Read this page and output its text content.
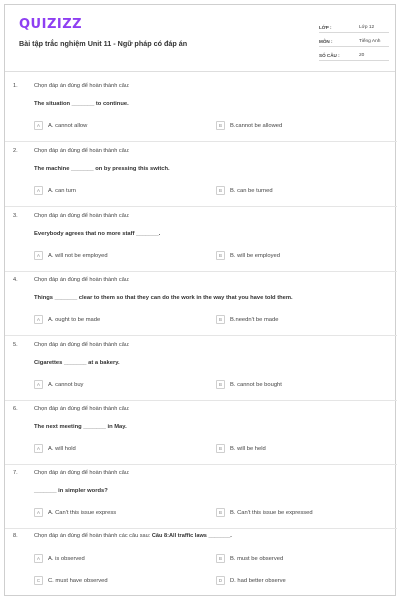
QUIZIZZ
Bài tập trắc nghiệm Unit 11 - Ngữ pháp có đáp án
LỚP :	Lớp 12
MÔN :	Tiếng Anh
SỐ CÂU :	20
1.	Chọn đáp án đúng để hoàn thành câu:
The situation _______ to continue.
A	A. cannot allow	B	B.cannot be allowed
2.	Chọn đáp án đúng để hoàn thành câu:
The machine _______ on by pressing this switch.
A	A. can turn	B	B. can be turned
3.	Chọn đáp án đúng để hoàn thành câu:
Everybody agrees that no more staff _______.
A	A. will not be employed	B	B. will be employed
4.	Chọn đáp án đúng để hoàn thành câu:
Things _______ clear to them so that they can do the work in the way that you have told them.
A	A. ought to be made	B	B.needn't be made
5.	Chọn đáp án đúng để hoàn thành câu:
Cigarettes _______ at a bakery.
A	A. cannot buy	B	B. cannot be bought
6.	Chọn đáp án đúng để hoàn thành câu:
The next meeting _______ in May.
A	A. will hold	B	B. will be held
7.	Chọn đáp án đúng để hoàn thành câu:
_______ in simpler words?
A	A. Can't this issue express	B	B. Can't this issue be expressed
8.	Chọn đáp án đúng để hoàn thành các câu sau: Câu 8:All traffic laws _______.
A	A. is observed	B	B. must be observed
C	C. must have observed	D	D. had better observe
